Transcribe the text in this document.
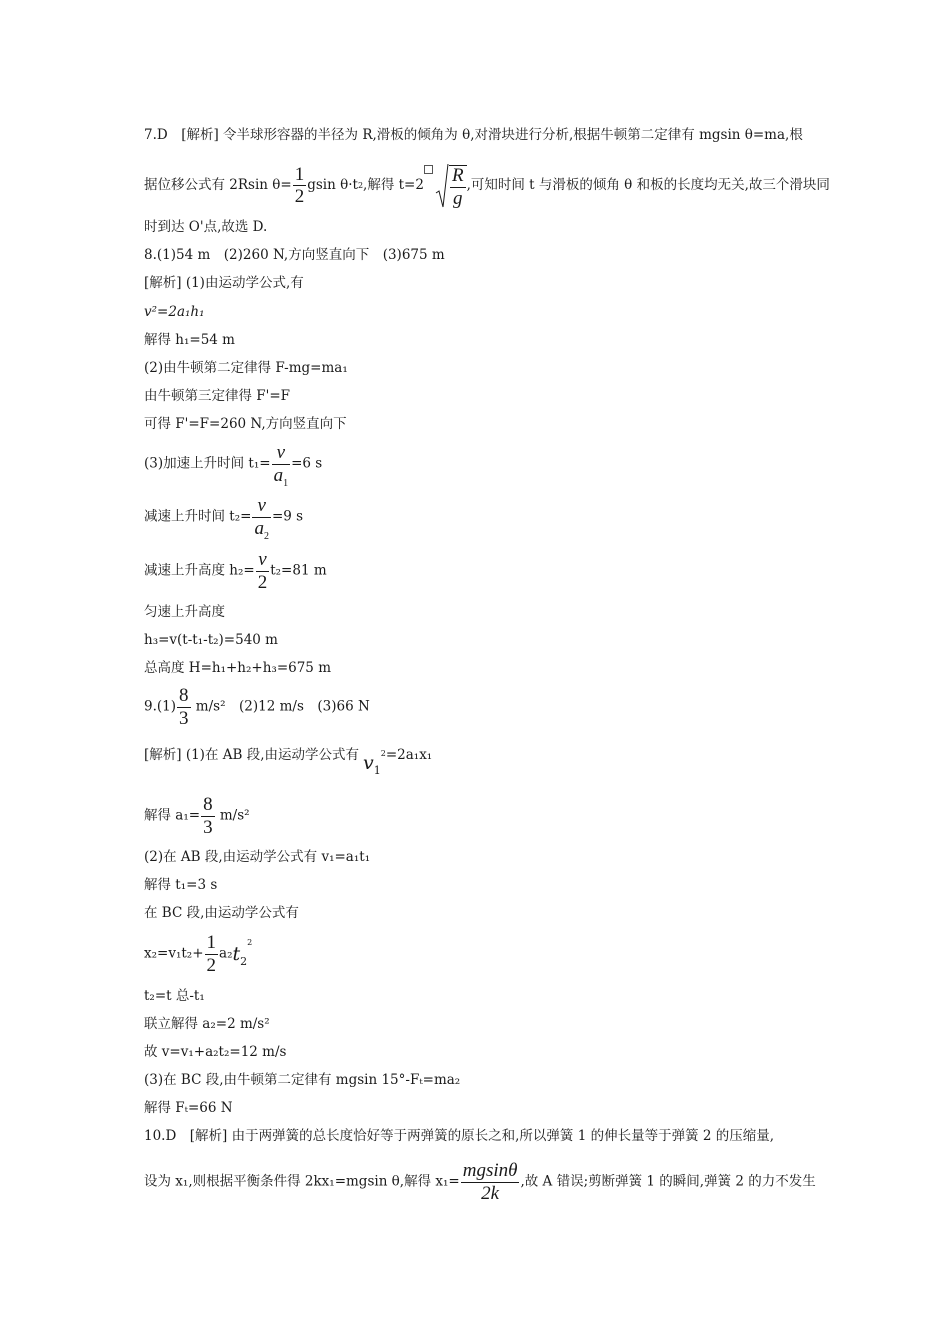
7.D　[解析] 令半球形容器的半径为 R,滑板的倾角为 θ,对滑块进行分析,根据牛顿第二定律有 mgsin θ=ma,根
据位移公式有 2Rsin $\theta= \frac{1}{2}$ gsin θ·t2,解得 $t=2 \frac{R}{g}$ ,可知时间 t 与滑板的倾角 θ 和板的长度均无关,故三个滑块同
时到达 O'点,故选 D.
8.(1)54 m　(2)260 N,方向竖直向下　(3)675 m
[解析] (1)由运动学公式,有
v²=2a₁h₁
解得 h₁=54 m
(2)由牛顿第二定律得 F-mg=ma₁
由牛顿第三定律得 F'=F
可得 F'=F=260 N,方向竖直向下
(3)加速上升时间 $t_1= \frac{v}{a_1} =6$ s
减速上升时间 $t_2= \frac{v}{a_2} =9$ s
减速上升高度 $h_2= \frac{v}{2} t_2=81$ m
匀速上升高度
h₃=v(t-t₁-t₂)=540 m
总高度 H=h₁+h₂+h₃=675 m
$9.(1) \frac{8}{3} m/s^2$　(2)12 m/s　(3)66 N
[解析] (1)在 AB 段,由运动学公式有 $v_1^2=2a_1x_1$
解得 $a_1= \frac{8}{3} m/s^2$
(2)在 AB 段,由运动学公式有 v₁=a₁t₁
解得 t₁=3 s
在 BC 段,由运动学公式有
$x_2=v_1t_2+ \frac{1}{2} a_2t_2^2$
t₂=t 总-t₁
联立解得 a₂=2 m/s²
故 v=v₁+a₂t₂=12 m/s
(3)在 BC 段,由牛顿第二定律有 mgsin 15°-Fₜ=ma₂
解得 Fₜ=66 N
10.D　[解析] 由于两弹簧的总长度恰好等于两弹簧的原长之和,所以弹簧 1 的伸长量等于弹簧 2 的压缩量,
设为 x₁,则根据平衡条件得 2kx₁=mgsin θ,解得 $x_1= \frac{mgsin\theta}{2k}$ ,故 A 错误;剪断弹簧 1 的瞬间,弹簧 2 的力不发生
